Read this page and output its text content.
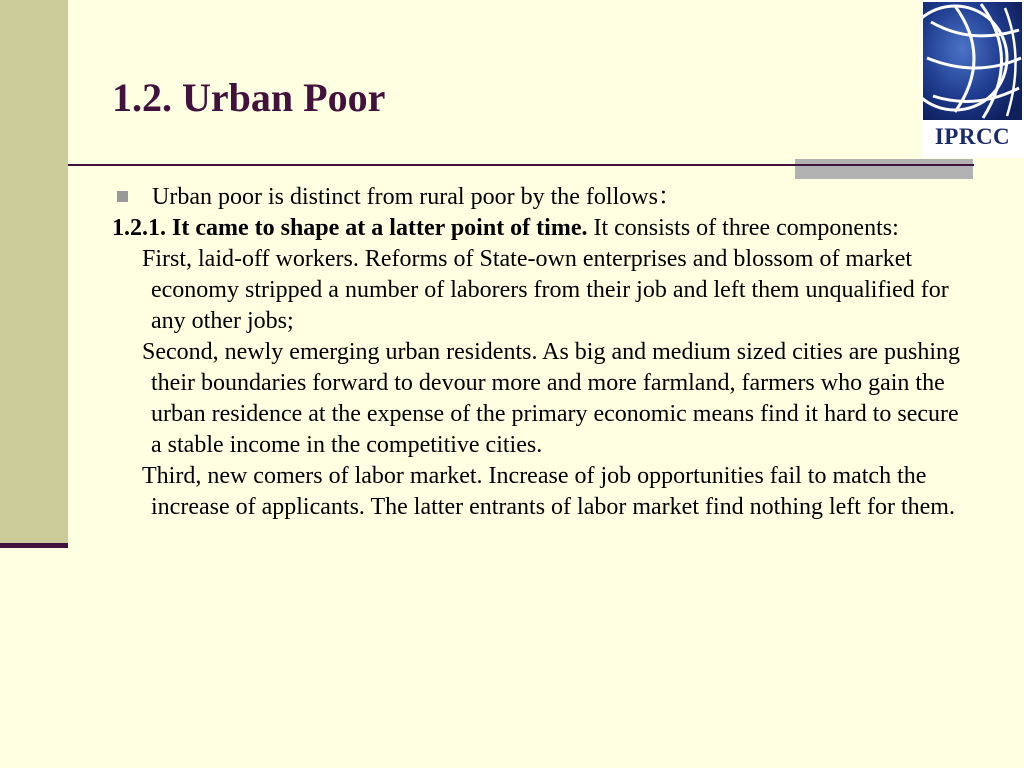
1.2. Urban Poor
IPRCC

Urban poor is distinct from rural poor by the follows：

1.2.1. It came to shape at a latter point of time. It consists of three components:

First, laid-off workers. Reforms of State-own enterprises and blossom of market economy stripped a number of laborers from their job and left them unqualified for any other jobs;

Second, newly emerging urban residents. As big and medium sized cities are pushing their boundaries forward to devour more and more farmland, farmers who gain the urban residence at the expense of the primary economic means find it hard to secure a stable income in the competitive cities.

Third, new comers of labor market. Increase of job opportunities fail to match the increase of applicants. The latter entrants of labor market find nothing left for them.
